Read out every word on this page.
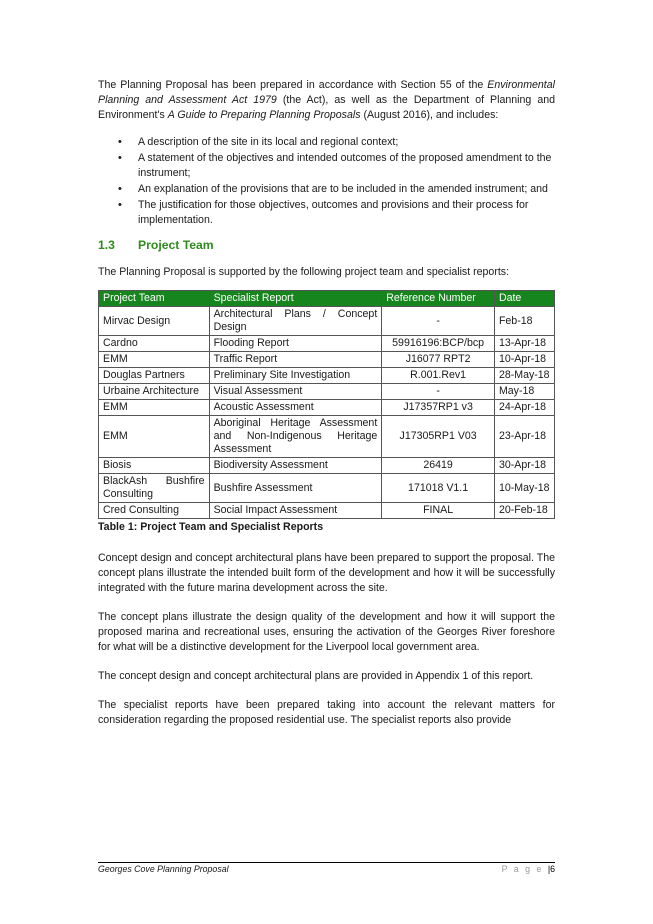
The Planning Proposal has been prepared in accordance with Section 55 of the Environmental Planning and Assessment Act 1979 (the Act), as well as the Department of Planning and Environment's A Guide to Preparing Planning Proposals (August 2016), and includes:

• A description of the site in its local and regional context;
• A statement of the objectives and intended outcomes of the proposed amendment to the instrument;
• An explanation of the provisions that are to be included in the amended instrument; and
• The justification for those objectives, outcomes and provisions and their process for implementation.
1.3	Project Team

The Planning Proposal is supported by the following project team and specialist reports:

Project Team	Specialist Report	Reference Number	Date
Mirvac Design	Architectural Plans / Concept Design	-	Feb-18
Cardno	Flooding Report	59916196:BCP/bcp	13-Apr-18
EMM	Traffic Report	J16077 RPT2	10-Apr-18
Douglas Partners	Preliminary Site Investigation	R.001.Rev1	28-May-18
Urbaine Architecture	Visual Assessment	-	May-18
EMM	Acoustic Assessment	J17357RP1 v3	24-Apr-18
EMM	Aboriginal Heritage Assessment and Non-Indigenous Heritage Assessment	J17305RP1 V03	23-Apr-18
Biosis	Biodiversity Assessment	26419	30-Apr-18
BlackAsh Bushfire Consulting	Bushfire Assessment	171018 V1.1	10-May-18
Cred Consulting	Social Impact Assessment	FINAL	20-Feb-18
Table 1: Project Team and Specialist Reports

Concept design and concept architectural plans have been prepared to support the proposal. The concept plans illustrate the intended built form of the development and how it will be successfully integrated with the future marina development across the site.

The concept plans illustrate the design quality of the development and how it will support the proposed marina and recreational uses, ensuring the activation of the Georges River foreshore for what will be a distinctive development for the Liverpool local government area.

The concept design and concept architectural plans are provided in Appendix 1 of this report.

The specialist reports have been prepared taking into account the relevant matters for consideration regarding the proposed residential use. The specialist reports also provide

Georges Cove Planning Proposal	P a g e |6
